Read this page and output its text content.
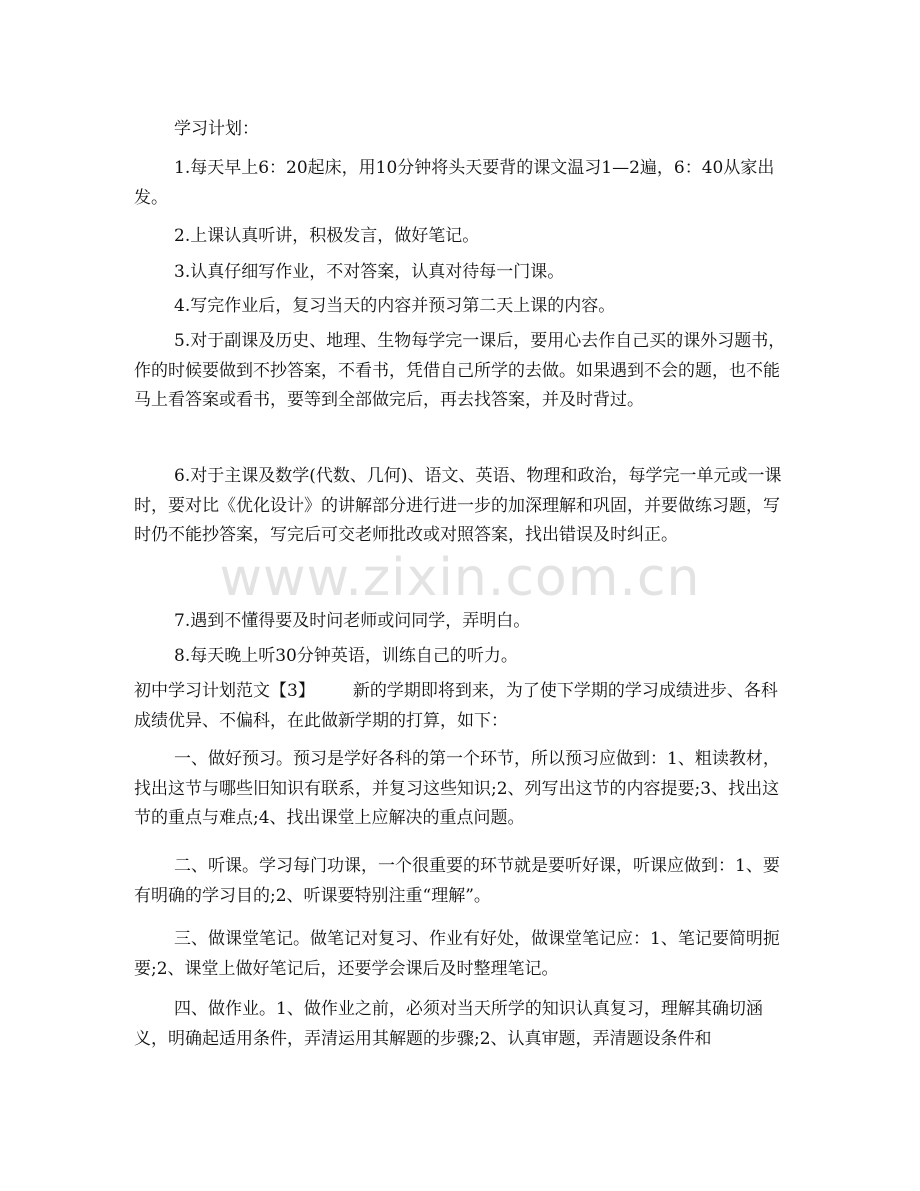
www.zixin.com.cn

学习计划：

1.每天早上6：20起床，用10分钟将头天要背的课文温习1—2遍，6：40从家出发。

2.上课认真听讲，积极发言，做好笔记。

3.认真仔细写作业，不对答案，认真对待每一门课。

4.写完作业后，复习当天的内容并预习第二天上课的内容。

5.对于副课及历史、地理、生物每学完一课后，要用心去作自己买的课外习题书，作的时候要做到不抄答案，不看书，凭借自己所学的去做。如果遇到不会的题，也不能马上看答案或看书，要等到全部做完后，再去找答案，并及时背过。

6.对于主课及数学(代数、几何)、语文、英语、物理和政治，每学完一单元或一课时，要对比《优化设计》的讲解部分进行进一步的加深理解和巩固，并要做练习题，写时仍不能抄答案，写完后可交老师批改或对照答案，找出错误及时纠正。

7.遇到不懂得要及时问老师或问同学，弄明白。

8.每天晚上听30分钟英语，训练自己的听力。

初中学习计划范文【3】 新的学期即将到来，为了使下学期的学习成绩进步、各科成绩优异、不偏科，在此做新学期的打算，如下：

一、做好预习。预习是学好各科的第一个环节，所以预习应做到：1、粗读教材，找出这节与哪些旧知识有联系，并复习这些知识;2、列写出这节的内容提要;3、找出这节的重点与难点;4、找出课堂上应解决的重点问题。

二、听课。学习每门功课，一个很重要的环节就是要听好课，听课应做到：1、要有明确的学习目的;2、听课要特别注重“理解”。

三、做课堂笔记。做笔记对复习、作业有好处，做课堂笔记应：1、笔记要简明扼要;2、课堂上做好笔记后，还要学会课后及时整理笔记。

四、做作业。1、做作业之前，必须对当天所学的知识认真复习，理解其确切涵义，明确起适用条件，弄清运用其解题的步骤;2、认真审题，弄清题设条件和
